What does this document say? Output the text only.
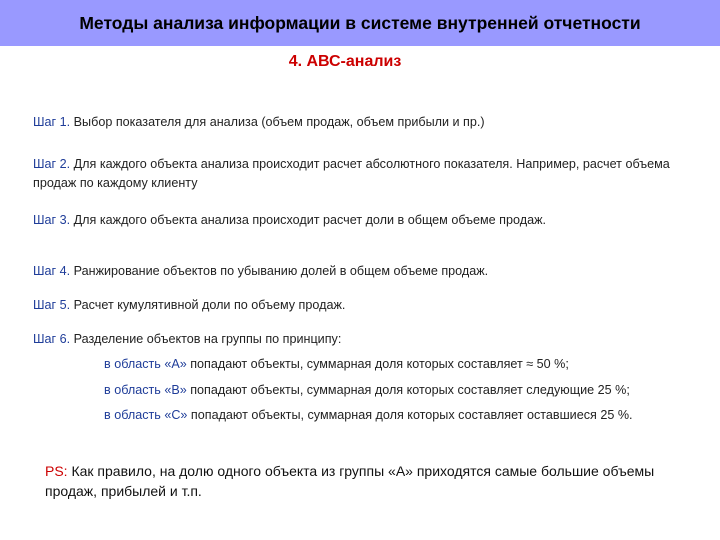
Методы анализа информации в системе внутренней отчетности
4. АВС-анализ
Шаг 1. Выбор показателя для анализа (объем продаж, объем прибыли и пр.)
Шаг 2. Для каждого объекта анализа происходит расчет абсолютного показателя. Например, расчет объема продаж по каждому клиенту
Шаг 3. Для каждого объекта анализа происходит расчет доли в общем объеме продаж.
Шаг 4. Ранжирование объектов по убыванию долей в общем объеме продаж.
Шаг 5. Расчет кумулятивной доли по объему продаж.
Шаг 6. Разделение объектов на группы по принципу:
в область «А» попадают объекты, суммарная доля которых составляет ≈ 50 %;
в область «В» попадают объекты, суммарная доля которых составляет следующие 25 %;
в область «С» попадают объекты, суммарная доля которых составляет оставшиеся 25 %.
PS: Как правило, на долю одного объекта из группы «А» приходятся самые большие объемы продаж, прибылей и т.п.
